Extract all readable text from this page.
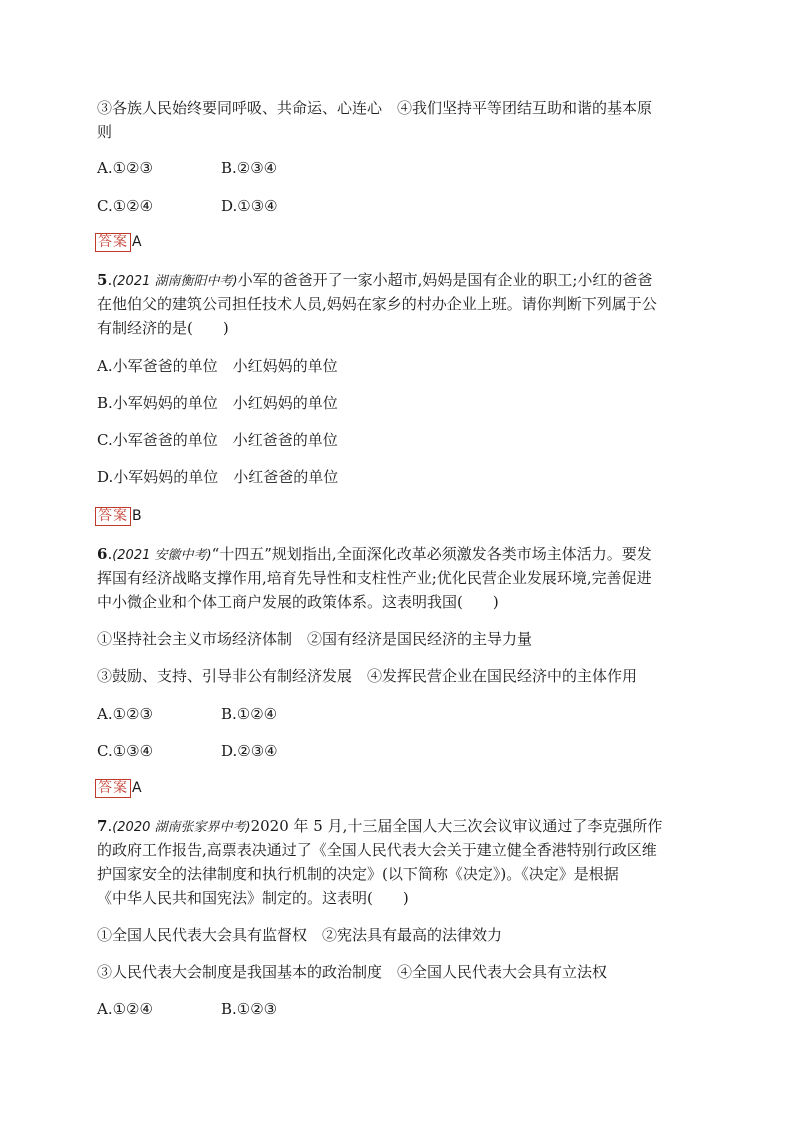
③各族人民始终要同呼吸、共命运、心连心　④我们坚持平等团结互助和谐的基本原
则
A.①②③	B.②③④
C.①②④	D.①③④
答案 A
5.(2021 湖南衡阳中考)小军的爸爸开了一家小超市,妈妈是国有企业的职工;小红的爸爸
在他伯父的建筑公司担任技术人员,妈妈在家乡的村办企业上班。请你判断下列属于公
有制经济的是(　　)
A.小军爸爸的单位　小红妈妈的单位
B.小军妈妈的单位　小红妈妈的单位
C.小军爸爸的单位　小红爸爸的单位
D.小军妈妈的单位　小红爸爸的单位
答案 B
6.(2021 安徽中考)“十四五”规划指出,全面深化改革必须激发各类市场主体活力。要发
挥国有经济战略支撑作用,培育先导性和支柱性产业;优化民营企业发展环境,完善促进
中小微企业和个体工商户发展的政策体系。这表明我国(　　)
①坚持社会主义市场经济体制　②国有经济是国民经济的主导力量
③鼓励、支持、引导非公有制经济发展　④发挥民营企业在国民经济中的主体作用
A.①②③	B.①②④
C.①③④	D.②③④
答案 A
7.(2020 湖南张家界中考)2020 年 5 月,十三届全国人大三次会议审议通过了李克强所作
的政府工作报告,高票表决通过了《全国人民代表大会关于建立健全香港特别行政区维
护国家安全的法律制度和执行机制的决定》(以下简称《决定》)。《决定》是根据
《中华人民共和国宪法》制定的。这表明(　　)
①全国人民代表大会具有监督权　②宪法具有最高的法律效力
③人民代表大会制度是我国基本的政治制度　④全国人民代表大会具有立法权
A.①②④	B.①②③
